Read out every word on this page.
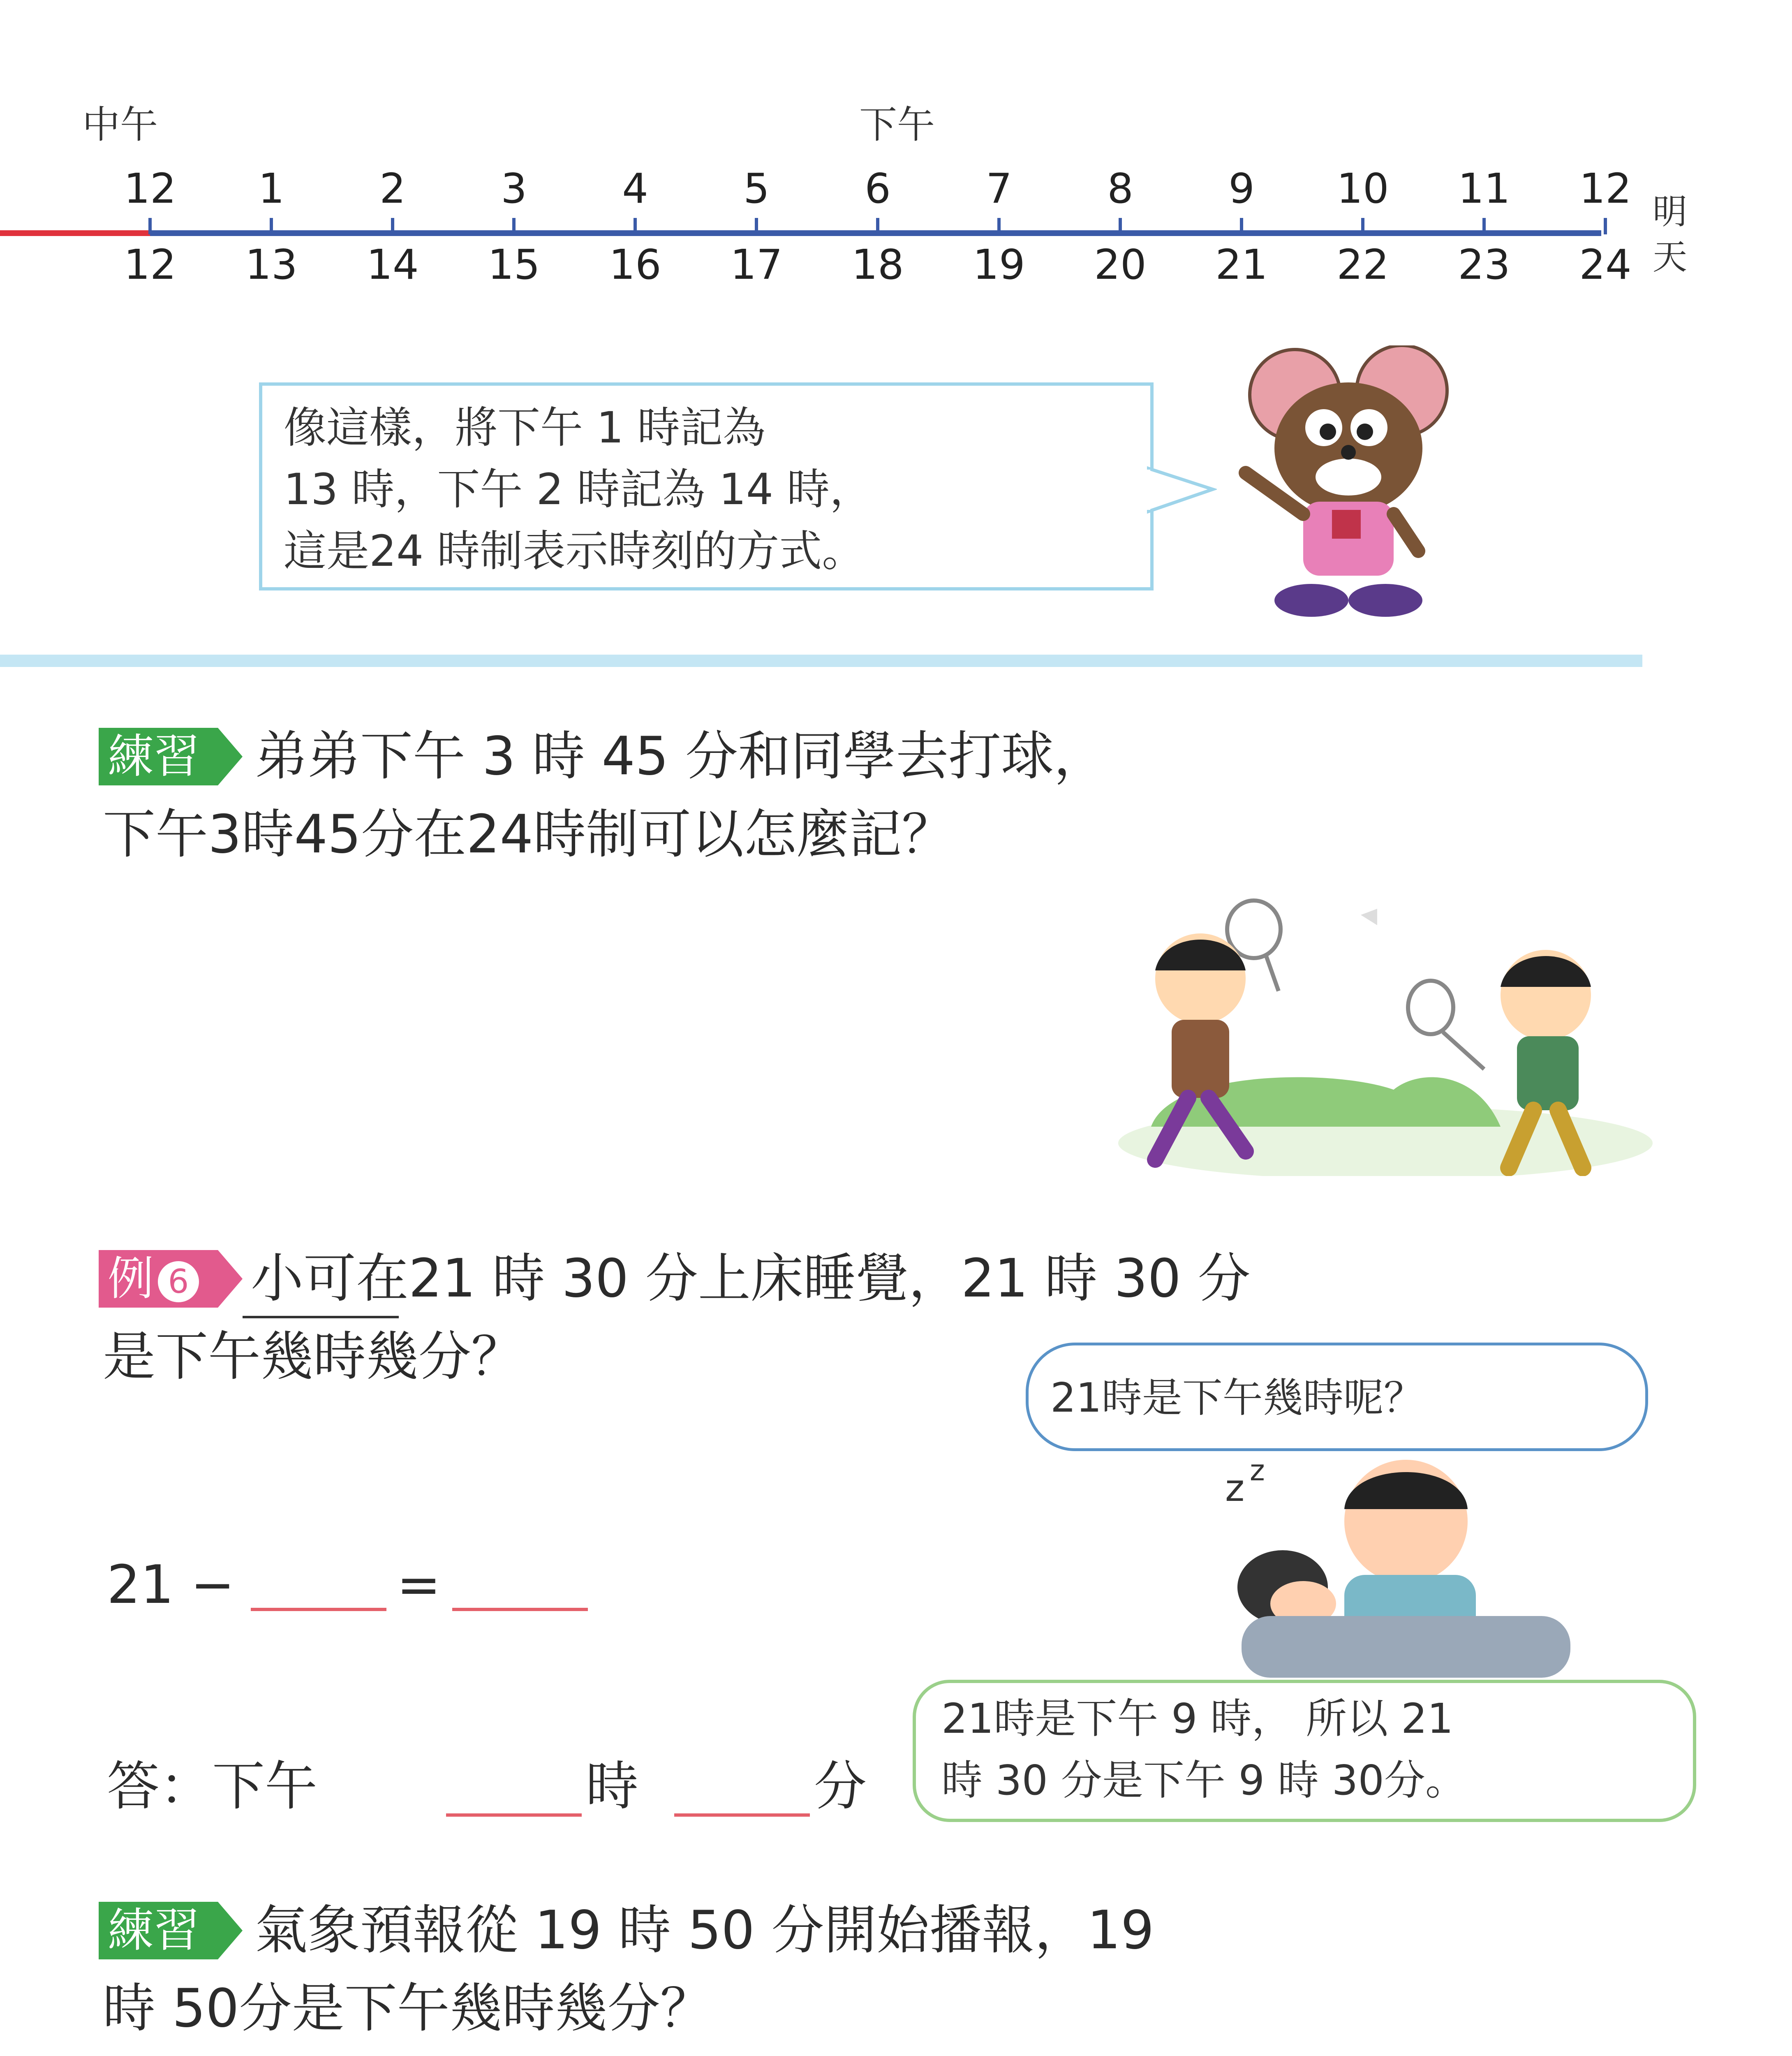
中午	下午
明天
12
12
1
13
2
14
3
15
4
16
5
17
6
18
7
19
8
20
9
21
10
22
11
23
12
24
像這樣，將下午 1 時記為
13 時，下午 2 時記為 14 時，
這是24 時制表示時刻的方式。
練習	弟弟下午 3 時 45 分和同學去打球，
下午3時45分在24時制可以怎麼記？
例 6	小可在21 時 30 分上床睡覺，21 時 30 分
是下午幾時幾分？
21時是下午幾時呢？
z z
21 −	=
答：下午	時	分
21時是下午 9 時， 所以 21
時 30 分是下午 9 時 30分。
練習	氣象預報從 19 時 50 分開始播報，19
時 50分是下午幾時幾分？
